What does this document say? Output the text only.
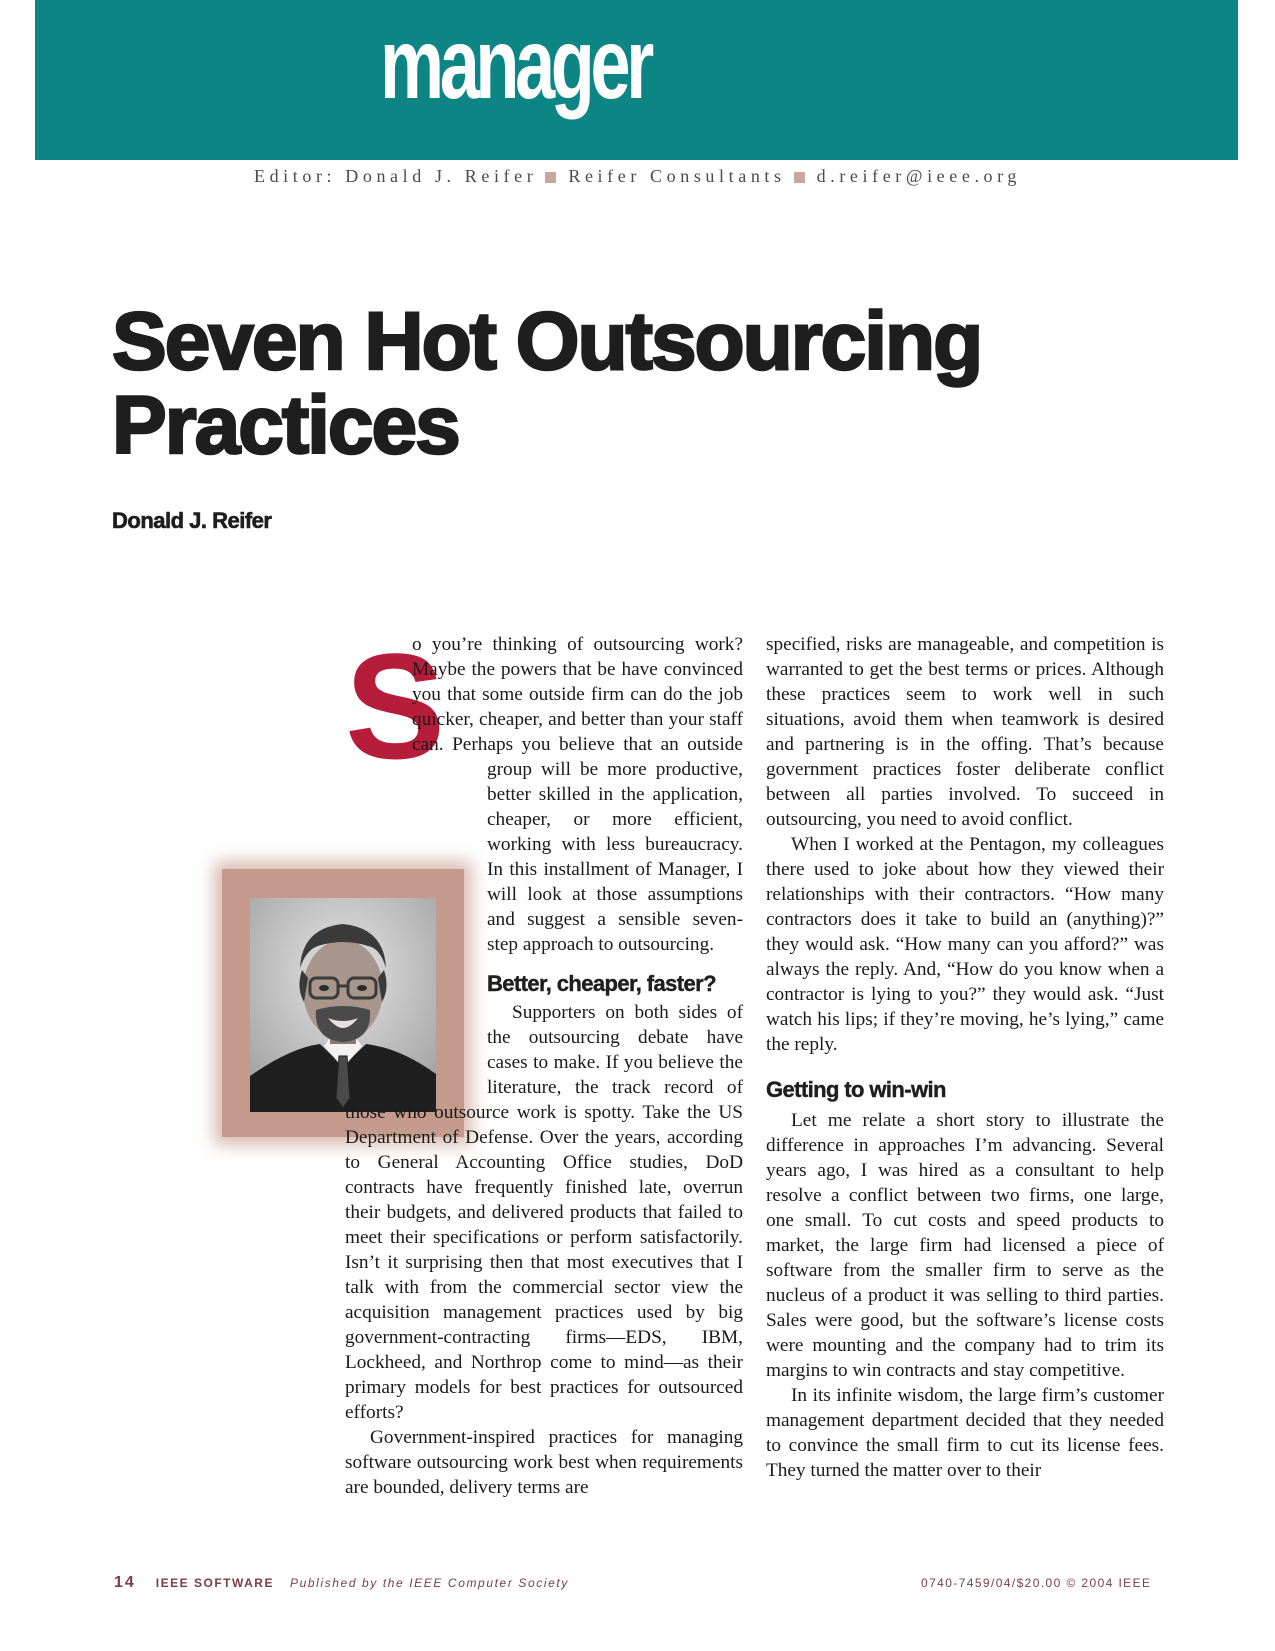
manager
Editor: Donald J. Reifer Reifer Consultants d.reifer@ieee.org
Seven Hot Outsourcing
Practices
Donald J. Reifer
S

o you’re thinking of outsourcing work? Maybe the powers that be have convinced you that some outside firm can do the job quicker, cheaper, and better than your staff can. Perhaps you believe that an outside group will be more productive, better skilled in the application, cheaper, or more efficient, working with less bureaucracy. In this installment of Manager, I will look at those assumptions and suggest a sensible seven-step approach to outsourcing.

Better, cheaper, faster?

Supporters on both sides of the outsourcing debate have cases to make. If you believe the literature, the track record of those who outsource work is spotty. Take the US Department of Defense. Over the years, according to General Accounting Office studies, DoD contracts have frequently finished late, overrun their budgets, and delivered products that failed to meet their specifications or perform satisfactorily. Isn’t it surprising then that most executives that I talk with from the commercial sector view the acquisition management practices used by big government-contracting firms—EDS, IBM, Lockheed, and Northrop come to mind—as their primary models for best practices for outsourced efforts?

Government-inspired practices for managing software outsourcing work best when requirements are bounded, delivery terms are

specified, risks are manageable, and competition is warranted to get the best terms or prices. Although these practices seem to work well in such situations, avoid them when teamwork is desired and partnering is in the offing. That’s because government practices foster deliberate conflict between all parties involved. To succeed in outsourcing, you need to avoid conflict.

When I worked at the Pentagon, my colleagues there used to joke about how they viewed their relationships with their contractors. “How many contractors does it take to build an (anything)?” they would ask. “How many can you afford?” was always the reply. And, “How do you know when a contractor is lying to you?” they would ask. “Just watch his lips; if they’re moving, he’s lying,” came the reply.

Getting to win-win

Let me relate a short story to illustrate the difference in approaches I’m advancing. Several years ago, I was hired as a consultant to help resolve a conflict between two firms, one large, one small. To cut costs and speed products to market, the large firm had licensed a piece of software from the smaller firm to serve as the nucleus of a product it was selling to third parties. Sales were good, but the software’s license costs were mounting and the company had to trim its margins to win contracts and stay competitive.

In its infinite wisdom, the large firm’s customer management department decided that they needed to convince the small firm to cut its license fees. They turned the matter over to their

14 IEEE SOFTWARE Published by the IEEE Computer Society	0740-7459/04/$20.00 © 2004 IEEE
